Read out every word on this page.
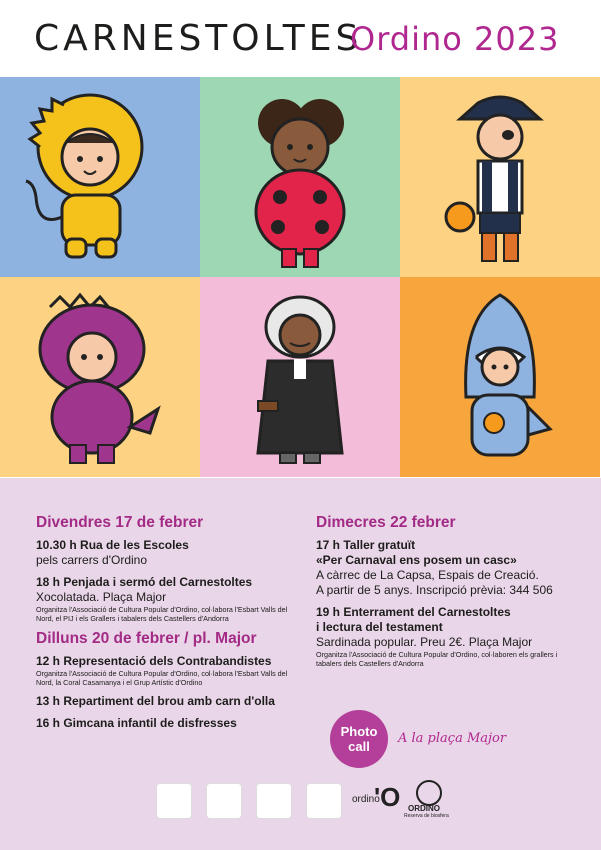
CARNESTOLTES
Ordino 2023
Divendres 17 de febrer
10.30 h Rua de les Escoles
pels carrers d'Ordino
18 h Penjada i sermó del Carnestoltes
Xocolatada. Plaça Major
Organitza l'Associació de Cultura Popular d'Ordino, col·labora l'Esbart Valls del Nord, el PIJ i els Grallers i tabalers dels Castellers d'Andorra
Dilluns 20 de febrer / pl. Major
12 h Representació dels Contrabandistes
Organitza l'Associació de Cultura Popular d'Ordino, col·labora l'Esbart Valls del Nord, la Coral Casamanya i el Grup Artístic d'Ordino
13 h Repartiment del brou amb carn d'olla
16 h Gimcana infantil de disfresses
Dimecres 22 febrer
17 h Taller gratuït
«Per Carnaval ens posem un casc»
A càrrec de La Capsa, Espais de Creació.
A partir de 5 anys. Inscripció prèvia: 344 506
19 h Enterrament del Carnestoltes
i lectura del testament
Sardinada popular. Preu 2€. Plaça Major
Organitza l'Associació de Cultura Popular d'Ordino, col·laboren els grallers i tabalers dels Castellers d'Andorra
Photo
call
A la plaça Major
ordino
'O ORDINO
Reserva de biosfera
